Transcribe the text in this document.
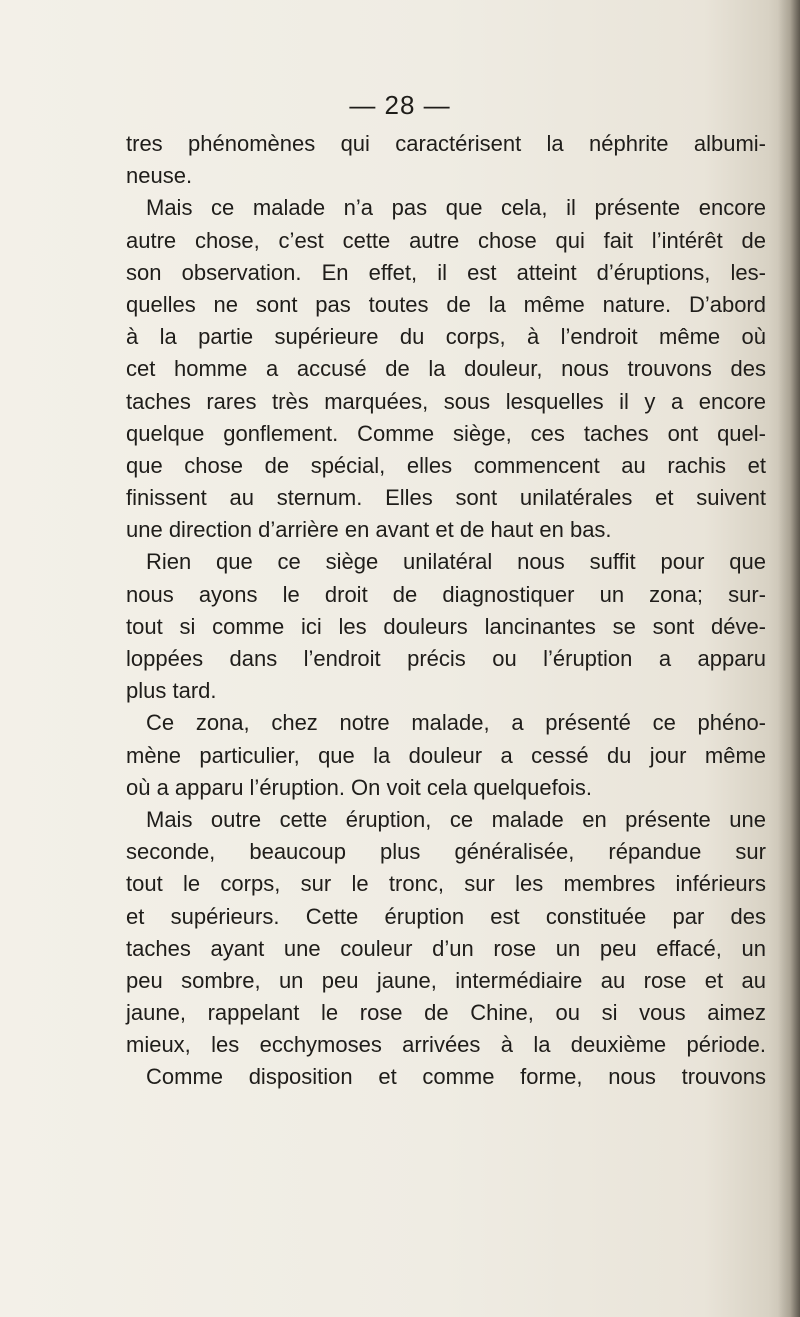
— 28 —
tres phénomènes qui caractérisent la néphrite albumi-
neuse.
Mais ce malade n’a pas que cela, il présente encore
autre chose, c’est cette autre chose qui fait l’intérêt de
son observation. En effet, il est atteint d’éruptions, les-
quelles ne sont pas toutes de la même nature. D’abord
à la partie supérieure du corps, à l’endroit même où
cet homme a accusé de la douleur, nous trouvons des
taches rares très marquées, sous lesquelles il y a encore
quelque gonflement. Comme siège, ces taches ont quel-
que chose de spécial, elles commencent au rachis et
finissent au sternum. Elles sont unilatérales et suivent
une direction d’arrière en avant et de haut en bas.
Rien que ce siège unilatéral nous suffit pour que
nous ayons le droit de diagnostiquer un zona; sur-
tout si comme ici les douleurs lancinantes se sont déve-
loppées dans l’endroit précis ou l’éruption a apparu
plus tard.
Ce zona, chez notre malade, a présenté ce phéno-
mène particulier, que la douleur a cessé du jour même
où a apparu l’éruption. On voit cela quelquefois.
Mais outre cette éruption, ce malade en présente une
seconde, beaucoup plus généralisée, répandue sur
tout le corps, sur le tronc, sur les membres inférieurs
et supérieurs. Cette éruption est constituée par des
taches ayant une couleur d’un rose un peu effacé, un
peu sombre, un peu jaune, intermédiaire au rose et au
jaune, rappelant le rose de Chine, ou si vous aimez
mieux, les ecchymoses arrivées à la deuxième période.
Comme disposition et comme forme, nous trouvons
